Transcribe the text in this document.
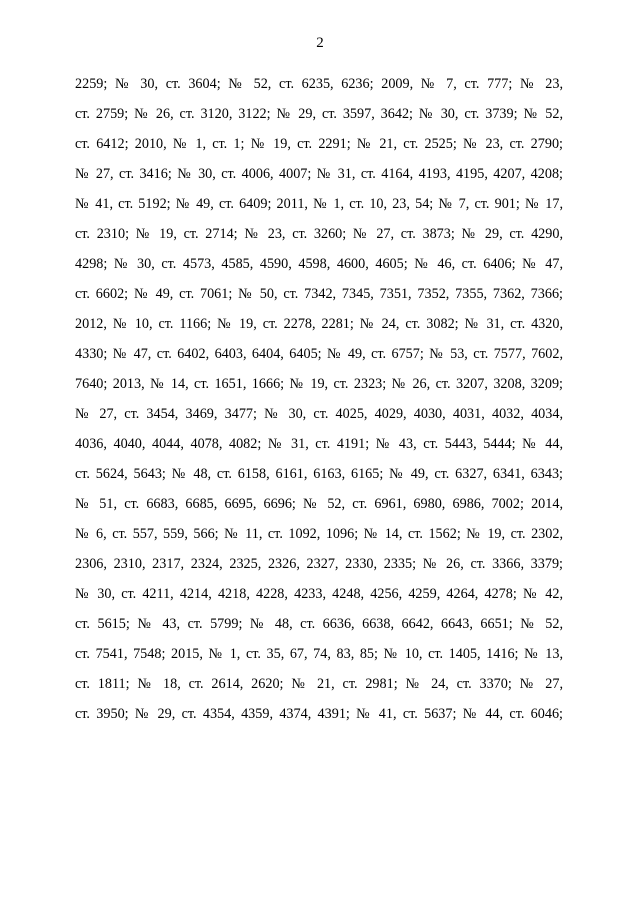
2
2259; № 30, ст. 3604; № 52, ст. 6235, 6236; 2009, № 7, ст. 777; № 23,
ст. 2759; № 26, ст. 3120, 3122; № 29, ст. 3597, 3642; № 30, ст. 3739; № 52,
ст. 6412; 2010, № 1, ст. 1; № 19, ст. 2291; № 21, ст. 2525; № 23, ст. 2790;
№ 27, ст. 3416; № 30, ст. 4006, 4007; № 31, ст. 4164, 4193, 4195, 4207, 4208;
№ 41, ст. 5192; № 49, ст. 6409; 2011, № 1, ст. 10, 23, 54; № 7, ст. 901; № 17,
ст. 2310; № 19, ст. 2714; № 23, ст. 3260; № 27, ст. 3873; № 29, ст. 4290,
4298; № 30, ст. 4573, 4585, 4590, 4598, 4600, 4605; № 46, ст. 6406; № 47,
ст. 6602; № 49, ст. 7061; № 50, ст. 7342, 7345, 7351, 7352, 7355, 7362, 7366;
2012, № 10, ст. 1166; № 19, ст. 2278, 2281; № 24, ст. 3082; № 31, ст. 4320,
4330; № 47, ст. 6402, 6403, 6404, 6405; № 49, ст. 6757; № 53, ст. 7577, 7602,
7640; 2013, № 14, ст. 1651, 1666; № 19, ст. 2323; № 26, ст. 3207, 3208, 3209;
№ 27, ст. 3454, 3469, 3477; № 30, ст. 4025, 4029, 4030, 4031, 4032, 4034,
4036, 4040, 4044, 4078, 4082; № 31, ст. 4191; № 43, ст. 5443, 5444; № 44,
ст. 5624, 5643; № 48, ст. 6158, 6161, 6163, 6165; № 49, ст. 6327, 6341, 6343;
№ 51, ст. 6683, 6685, 6695, 6696; № 52, ст. 6961, 6980, 6986, 7002; 2014,
№ 6, ст. 557, 559, 566; № 11, ст. 1092, 1096; № 14, ст. 1562; № 19, ст. 2302,
2306, 2310, 2317, 2324, 2325, 2326, 2327, 2330, 2335; № 26, ст. 3366, 3379;
№ 30, ст. 4211, 4214, 4218, 4228, 4233, 4248, 4256, 4259, 4264, 4278; № 42,
ст. 5615; № 43, ст. 5799; № 48, ст. 6636, 6638, 6642, 6643, 6651; № 52,
ст. 7541, 7548; 2015, № 1, ст. 35, 67, 74, 83, 85; № 10, ст. 1405, 1416; № 13,
ст. 1811; № 18, ст. 2614, 2620; № 21, ст. 2981; № 24, ст. 3370; № 27,
ст. 3950; № 29, ст. 4354, 4359, 4374, 4391; № 41, ст. 5637; № 44, ст. 6046;
